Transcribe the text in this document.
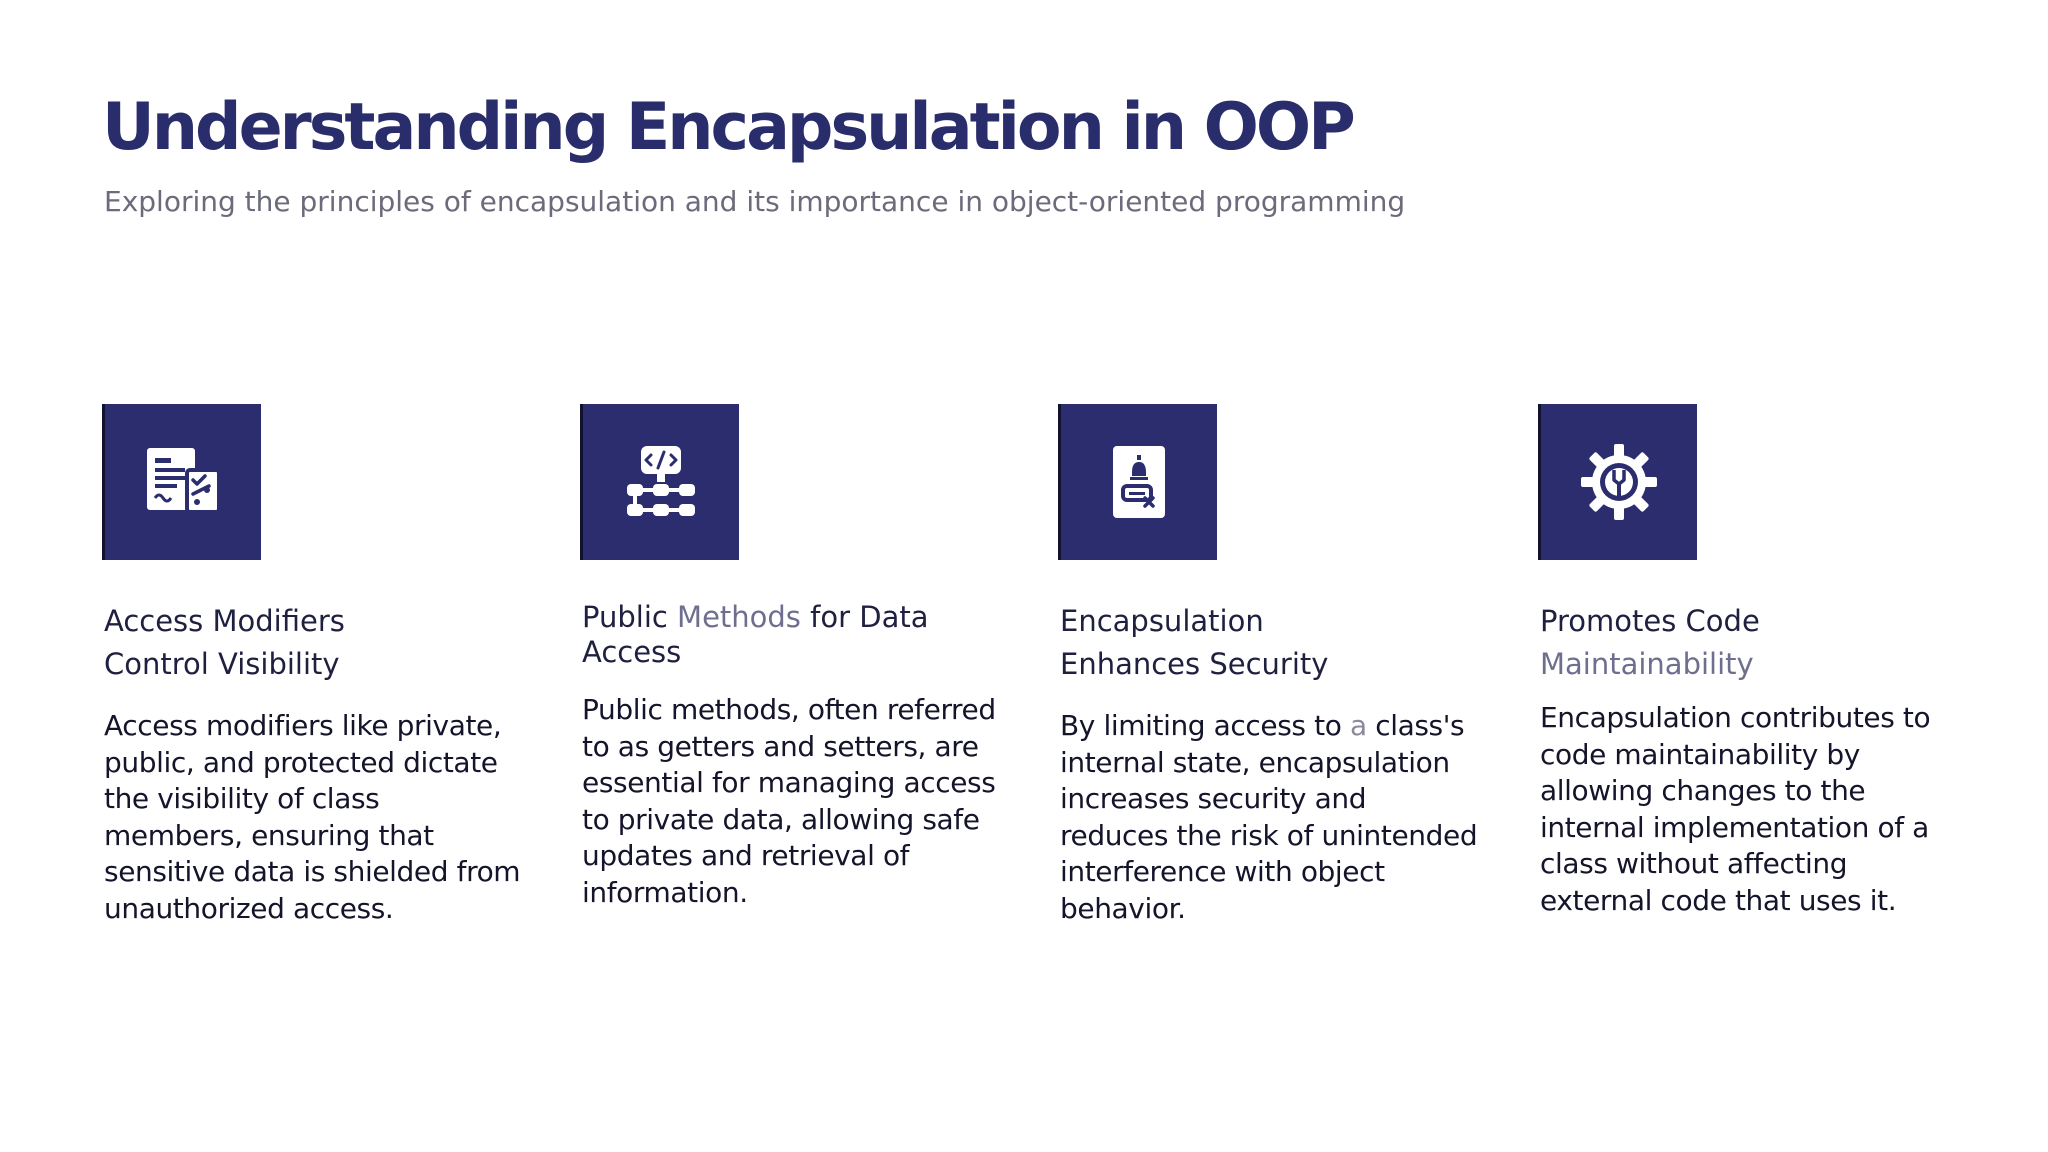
Understanding Encapsulation in OOP

Exploring the principles of encapsulation and its importance in object-oriented programming

Access Modifiers
Control Visibility

Access modifiers like private, public, and protected dictate the visibility of class members, ensuring that sensitive data is shielded from unauthorized access.

Public Methods for Data Access

Public methods, often referred to as getters and setters, are essential for managing access to private data, allowing safe updates and retrieval of information.

Encapsulation
Enhances Security

By limiting access to a class's internal state, encapsulation increases security and reduces the risk of unintended interference with object behavior.

Promotes Code Maintainability

Encapsulation contributes to code maintainability by allowing changes to the internal implementation of a class without affecting external code that uses it.
